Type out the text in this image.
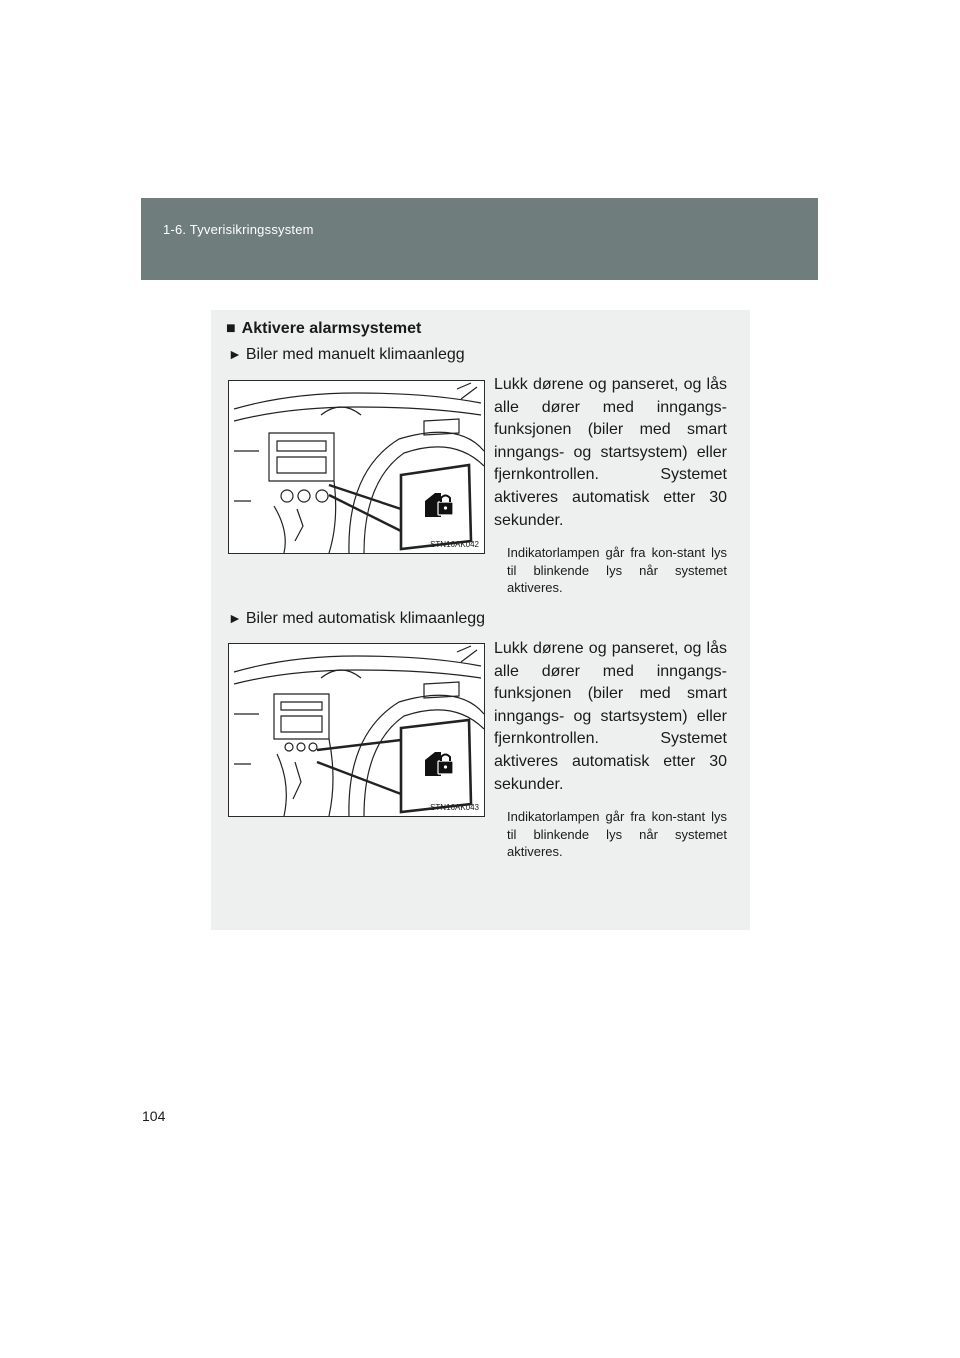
1-6. Tyverisikringssystem
■ Aktivere alarmsystemet
► Biler med manuelt klimaanlegg
STN16AK042
Lukk dørene og panseret, og lås alle dører med inngangs-funksjonen (biler med smart inngangs- og startsystem) eller fjernkontrollen. Systemet aktiveres automatisk etter 30 sekunder.
Indikatorlampen går fra kon-stant lys til blinkende lys når systemet aktiveres.
► Biler med automatisk klimaanlegg
STN16AK043
Lukk dørene og panseret, og lås alle dører med inngangs-funksjonen (biler med smart inngangs- og startsystem) eller fjernkontrollen. Systemet aktiveres automatisk etter 30 sekunder.
Indikatorlampen går fra kon-stant lys til blinkende lys når systemet aktiveres.
104
